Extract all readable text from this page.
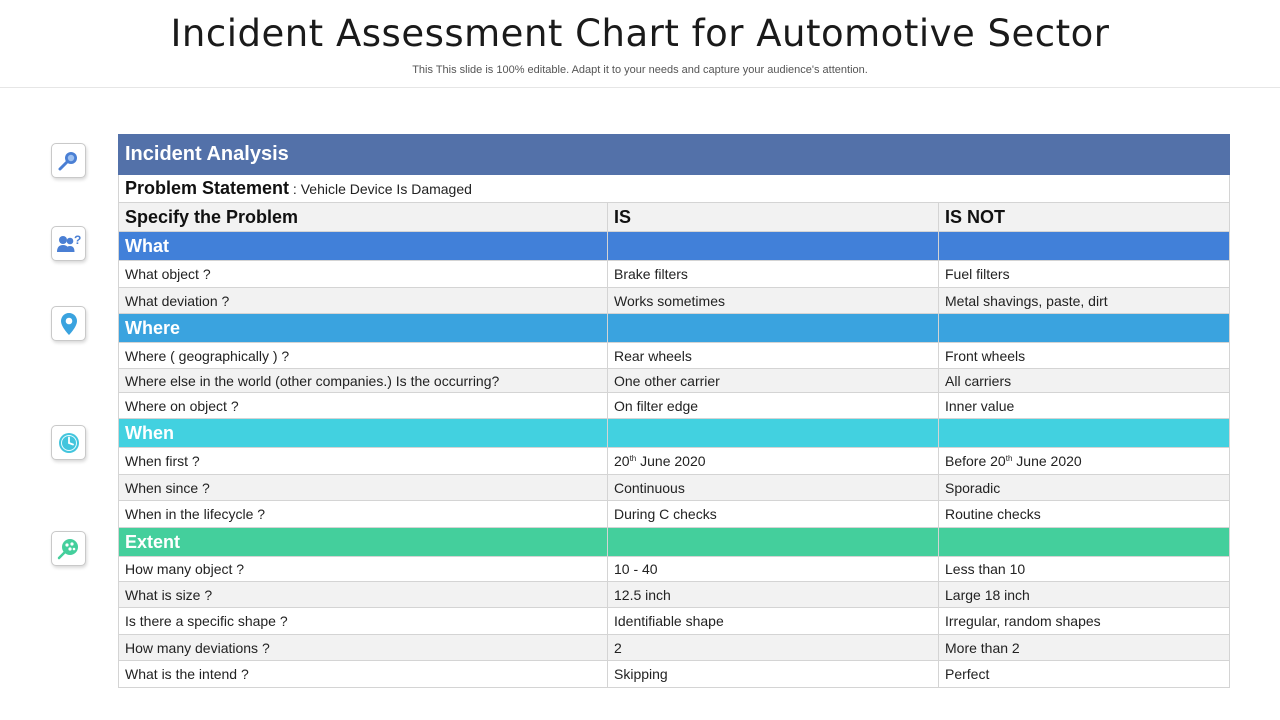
Incident Assessment Chart for Automotive Sector
This This slide is 100% editable. Adapt it to your needs and capture your audience's attention.
?
Incident Analysis		
Problem Statement : Vehicle Device Is Damaged		
Specify the Problem	IS	IS NOT
What		
What object ?	Brake filters	Fuel filters
What deviation ?	Works sometimes	Metal shavings, paste, dirt
Where		
Where ( geographically ) ?	Rear wheels	Front wheels
Where else in the world (other companies.) Is the occurring?	One other carrier	All carriers
Where on object ?	On filter edge	Inner value
When		
When first ?	20th June 2020	Before 20th June 2020
When since ?	Continuous	Sporadic
When in the lifecycle ?	During C checks	Routine checks
Extent		
How many object ?	10 - 40	Less than 10
What is size ?	12.5 inch	Large 18 inch
Is there a specific shape ?	Identifiable shape	Irregular, random shapes
How many deviations ?	2	More than 2
What is the intend ?	Skipping	Perfect
